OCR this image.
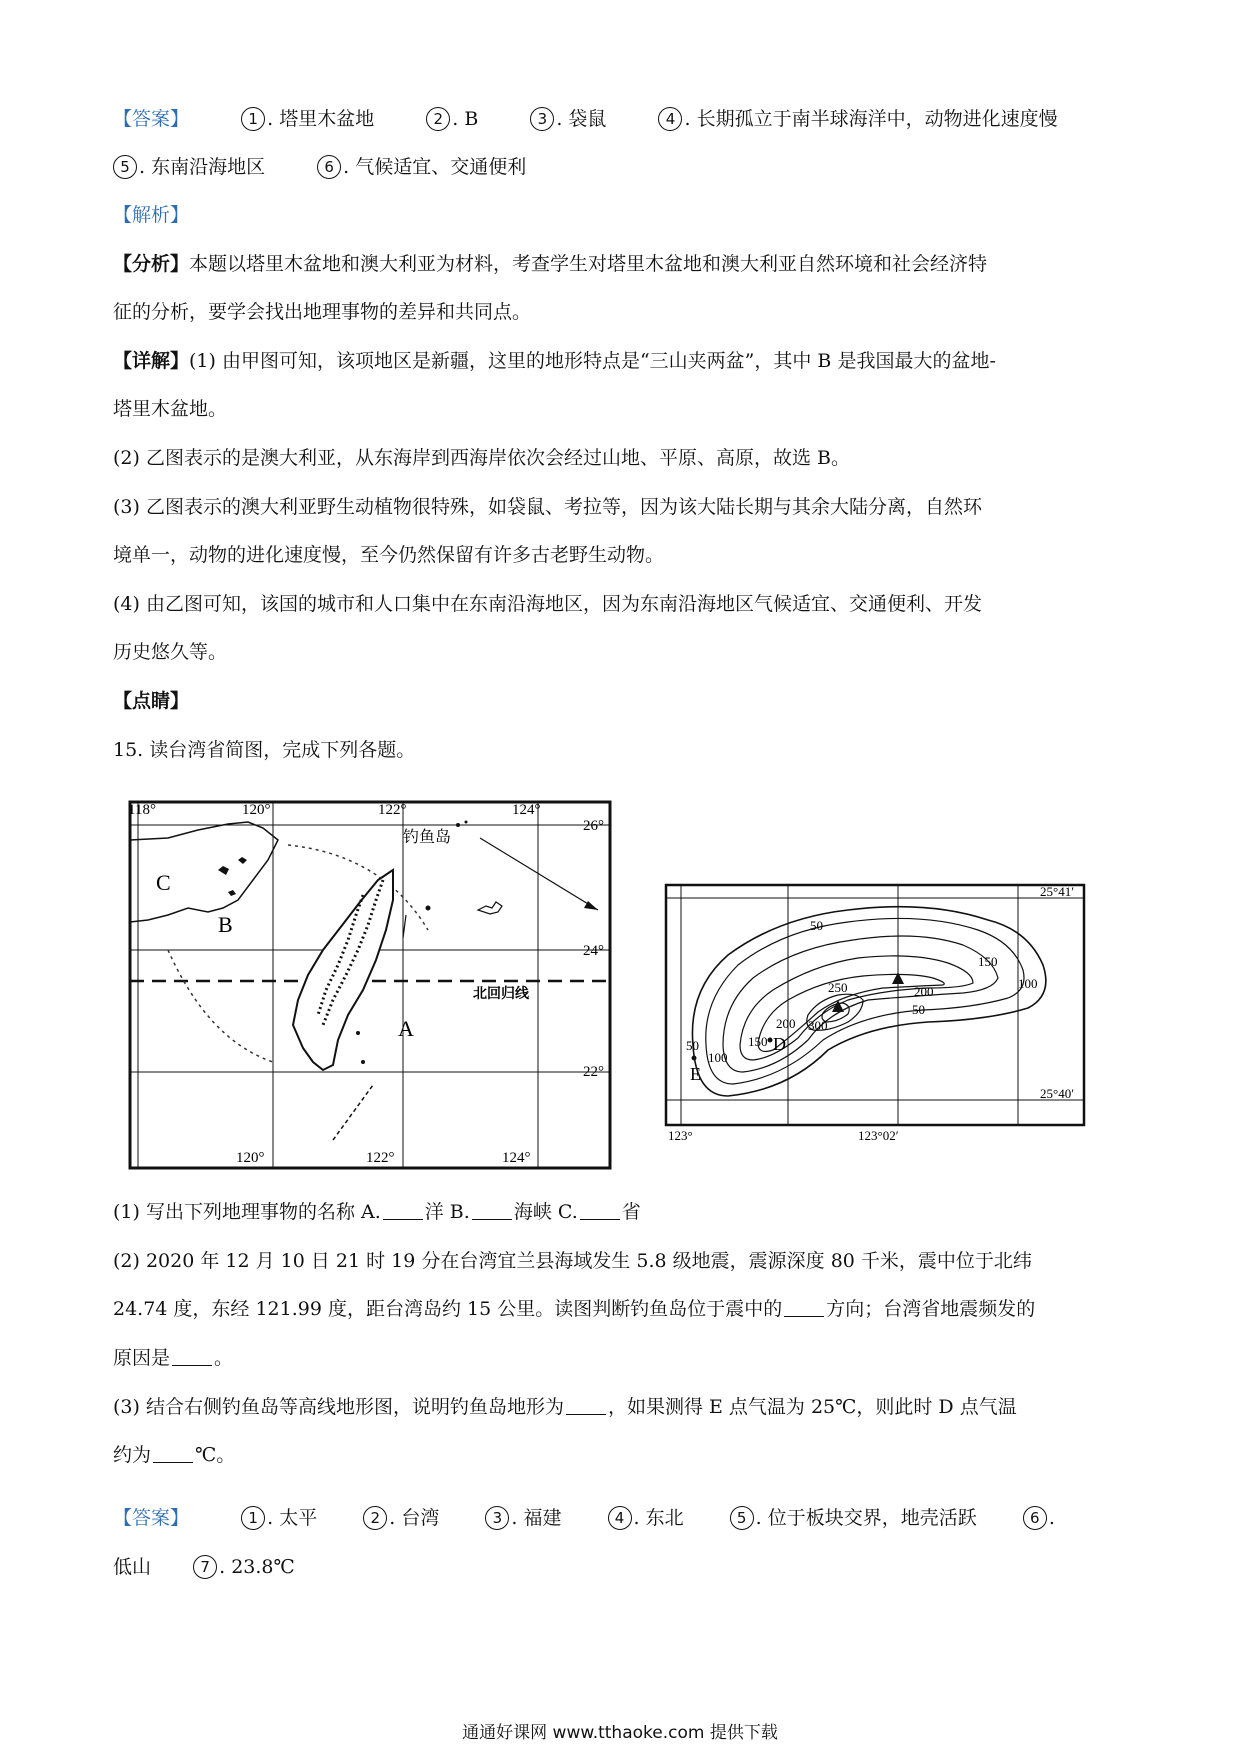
【答案】	1 . 塔里木盆地	2 . B	3 . 袋鼠	4 . 长期孤立于南半球海洋中，动物进化速度慢
5 . 东南沿海地区	6 . 气候适宜、交通便利
【解析】
【分析】本题以塔里木盆地和澳大利亚为材料，考查学生对塔里木盆地和澳大利亚自然环境和社会经济特
征的分析，要学会找出地理事物的差异和共同点。
【详解】(1) 由甲图可知，该项地区是新疆，这里的地形特点是“三山夹两盆”，其中 B 是我国最大的盆地-
塔里木盆地。
(2) 乙图表示的是澳大利亚，从东海岸到西海岸依次会经过山地、平原、高原，故选 B。
(3) 乙图表示的澳大利亚野生动植物很特殊，如袋鼠、考拉等，因为该大陆长期与其余大陆分离，自然环
境单一，动物的进化速度慢，至今仍然保留有许多古老野生动物。
(4) 由乙图可知，该国的城市和人口集中在东南沿海地区，因为东南沿海地区气候适宜、交通便利、开发
历史悠久等。
【点睛】
15. 读台湾省简图，完成下列各题。
118°	120°	122°	124°
120°	122°	124°
26°
24°
22°
钓鱼岛
北回归线
A
B
C	25°41′
25°40′
123°	123°02′
50
150
100
250	200
300
200
50
150
50
100
D
E
(1) 写出下列地理事物的名称 A. 洋 B. 海峡 C. 省
(2) 2020 年 12 月 10 日 21 时 19 分在台湾宜兰县海域发生 5.8 级地震，震源深度 80 千米，震中位于北纬
24.74 度，东经 121.99 度，距台湾岛约 15 公里。读图判断钓鱼岛位于震中的 方向；台湾省地震频发的
原因是 。
(3) 结合右侧钓鱼岛等高线地形图，说明钓鱼岛地形为 ，如果测得 E 点气温为 25℃，则此时 D 点气温
约为 ℃。
【答案】	1 . 太平	2 . 台湾	3 . 福建	4 . 东北	5 . 位于板块交界，地壳活跃	6 .
低山	7 . 23.8℃
通通好课网 www.tthaoke.com 提供下载
